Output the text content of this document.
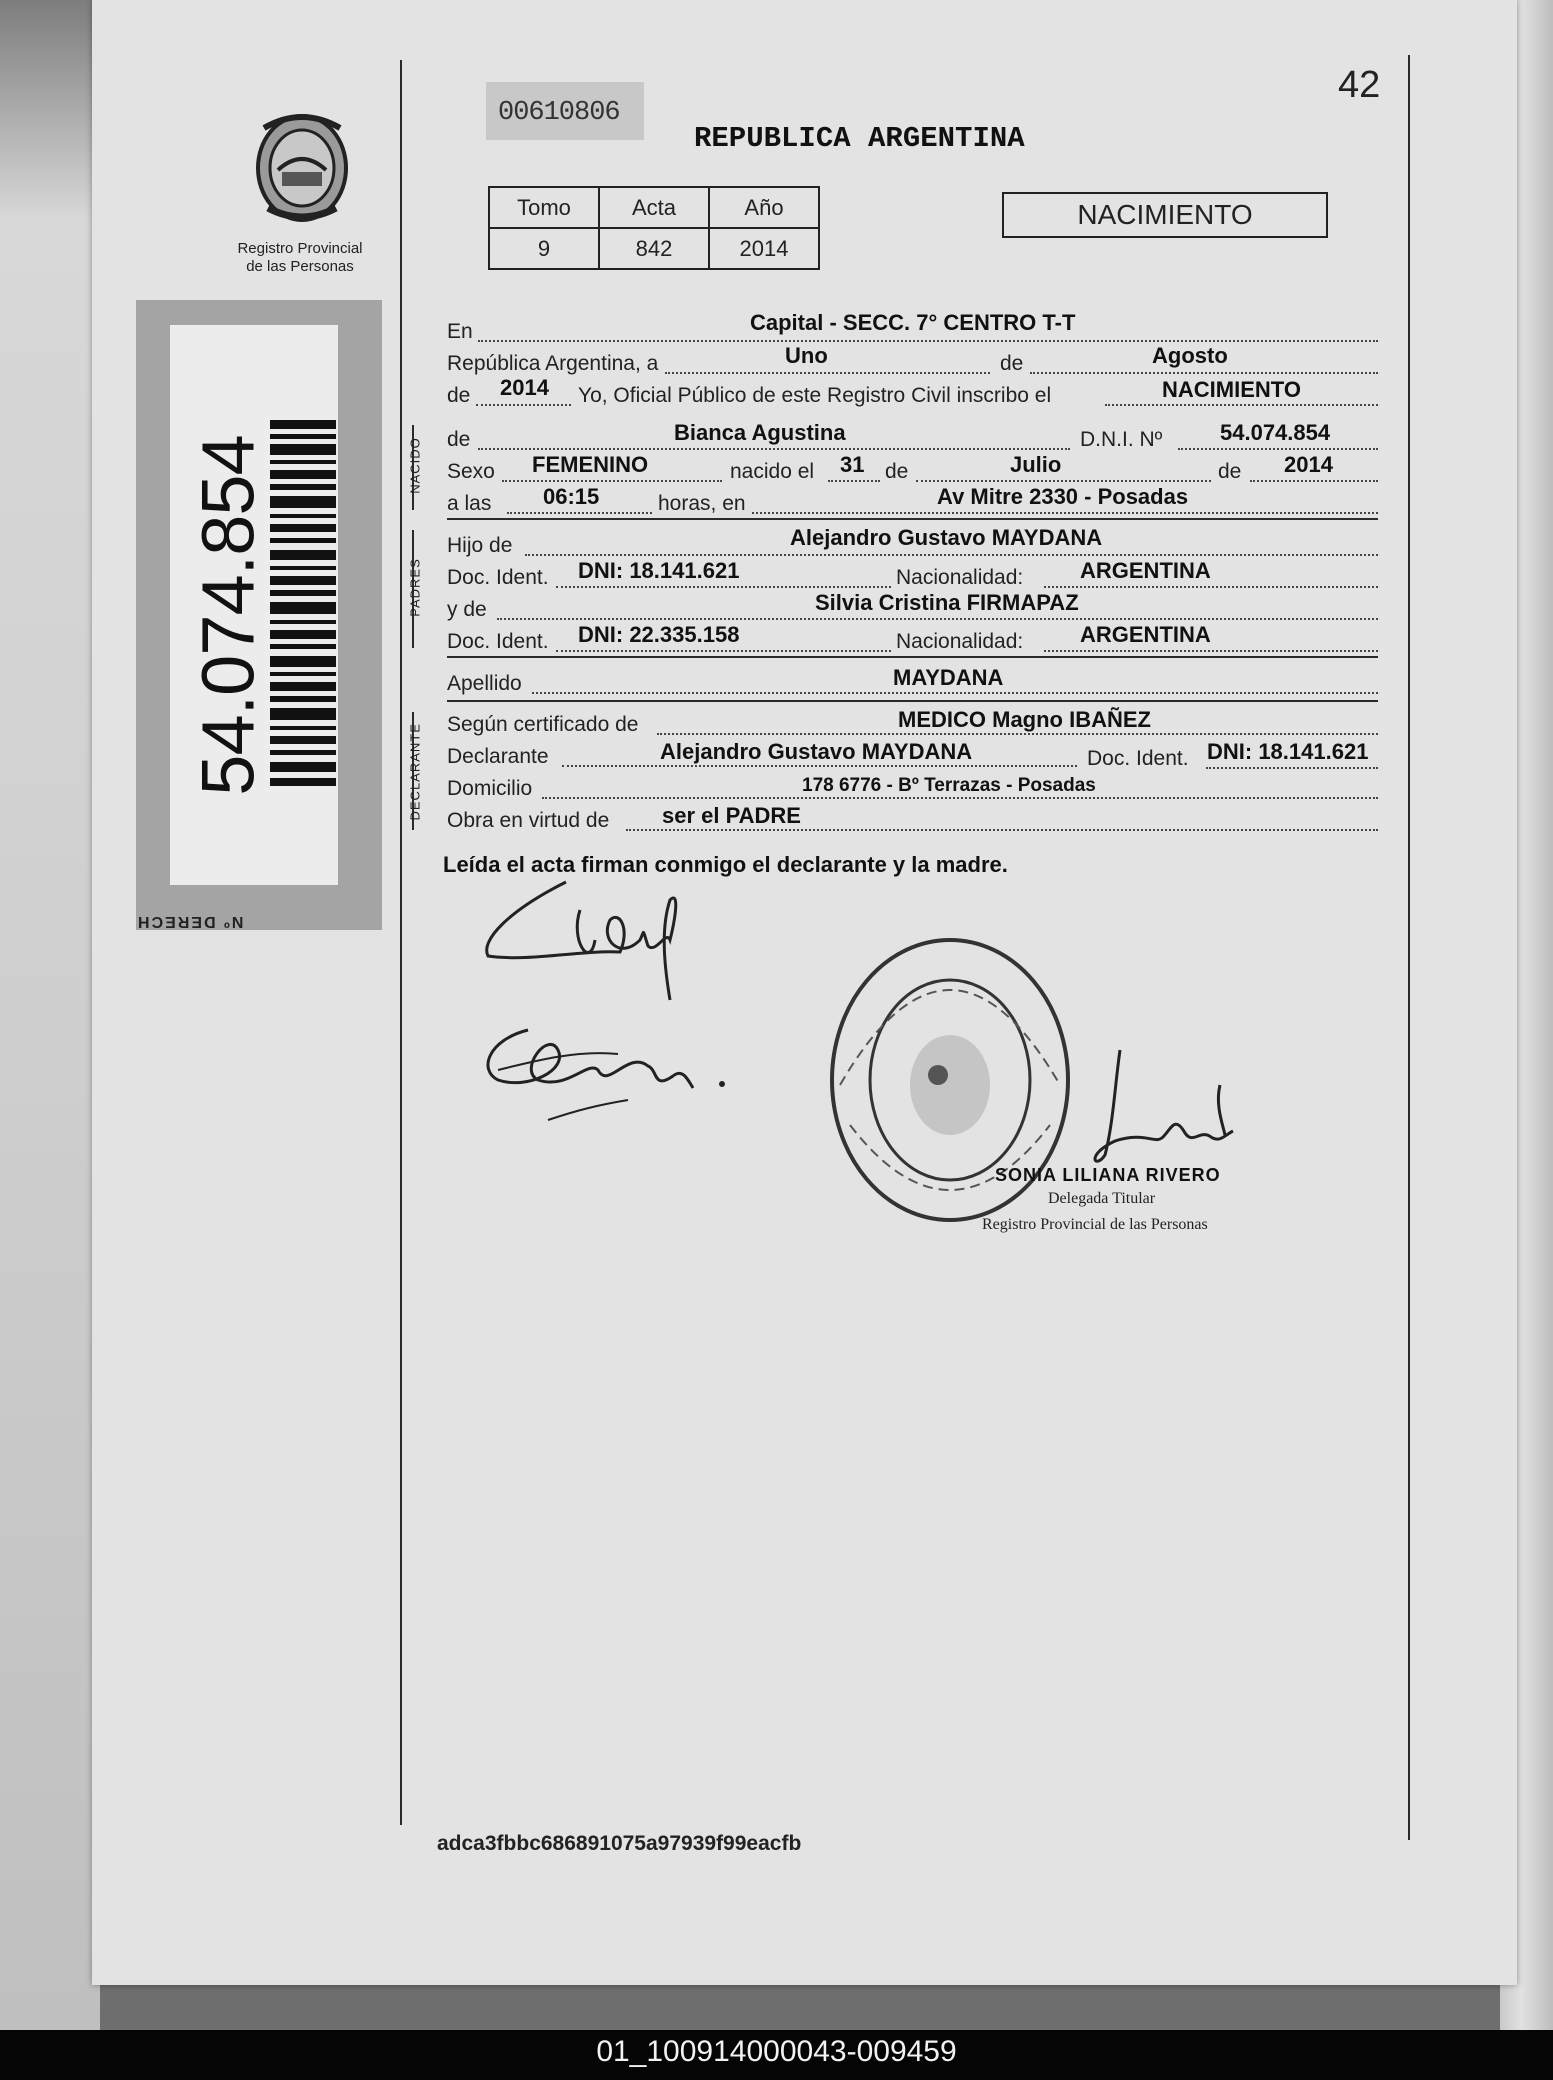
42
00610806
REPUBLICA ARGENTINA
Registro Provincial
de las Personas
Tomo	Acta	Año
9	842	2014
NACIMIENTO
54.074.854
Nº DERECH
En	Capital - SECC. 7° CENTRO T-T
República Argentina, a	Uno	de	Agosto
de 2014 Yo, Oficial Público de este Registro Civil inscribo el	NACIMIENTO
NACIDO de	Bianca Agustina	D.N.I. Nº	54.074.854
Sexo FEMENINO	nacido el 31 de	Julio	de 2014
a las 06:15	horas, en	Av Mitre 2330 - Posadas
PADRES
Hijo de	Alejandro Gustavo MAYDANA
Doc. Ident. DNI: 18.141.621	Nacionalidad:	ARGENTINA
y de	Silvia Cristina FIRMAPAZ
Doc. Ident. DNI: 22.335.158	Nacionalidad:	ARGENTINA
Apellido	MAYDANA
DECLARANTE Según certificado de	MEDICO Magno IBAÑEZ
Declarante	Alejandro Gustavo MAYDANA	Doc. Ident. DNI: 18.141.621
Domicilio	178 6776 - Bº Terrazas - Posadas
Obra en virtud de ser el PADRE
Leída el acta firman conmigo el declarante y la madre.
SONIA LILIANA RIVERO
Delegada Titular
Registro Provincial de las Personas
adca3fbbc686891075a97939f99eacfb
01_100914000043-009459
